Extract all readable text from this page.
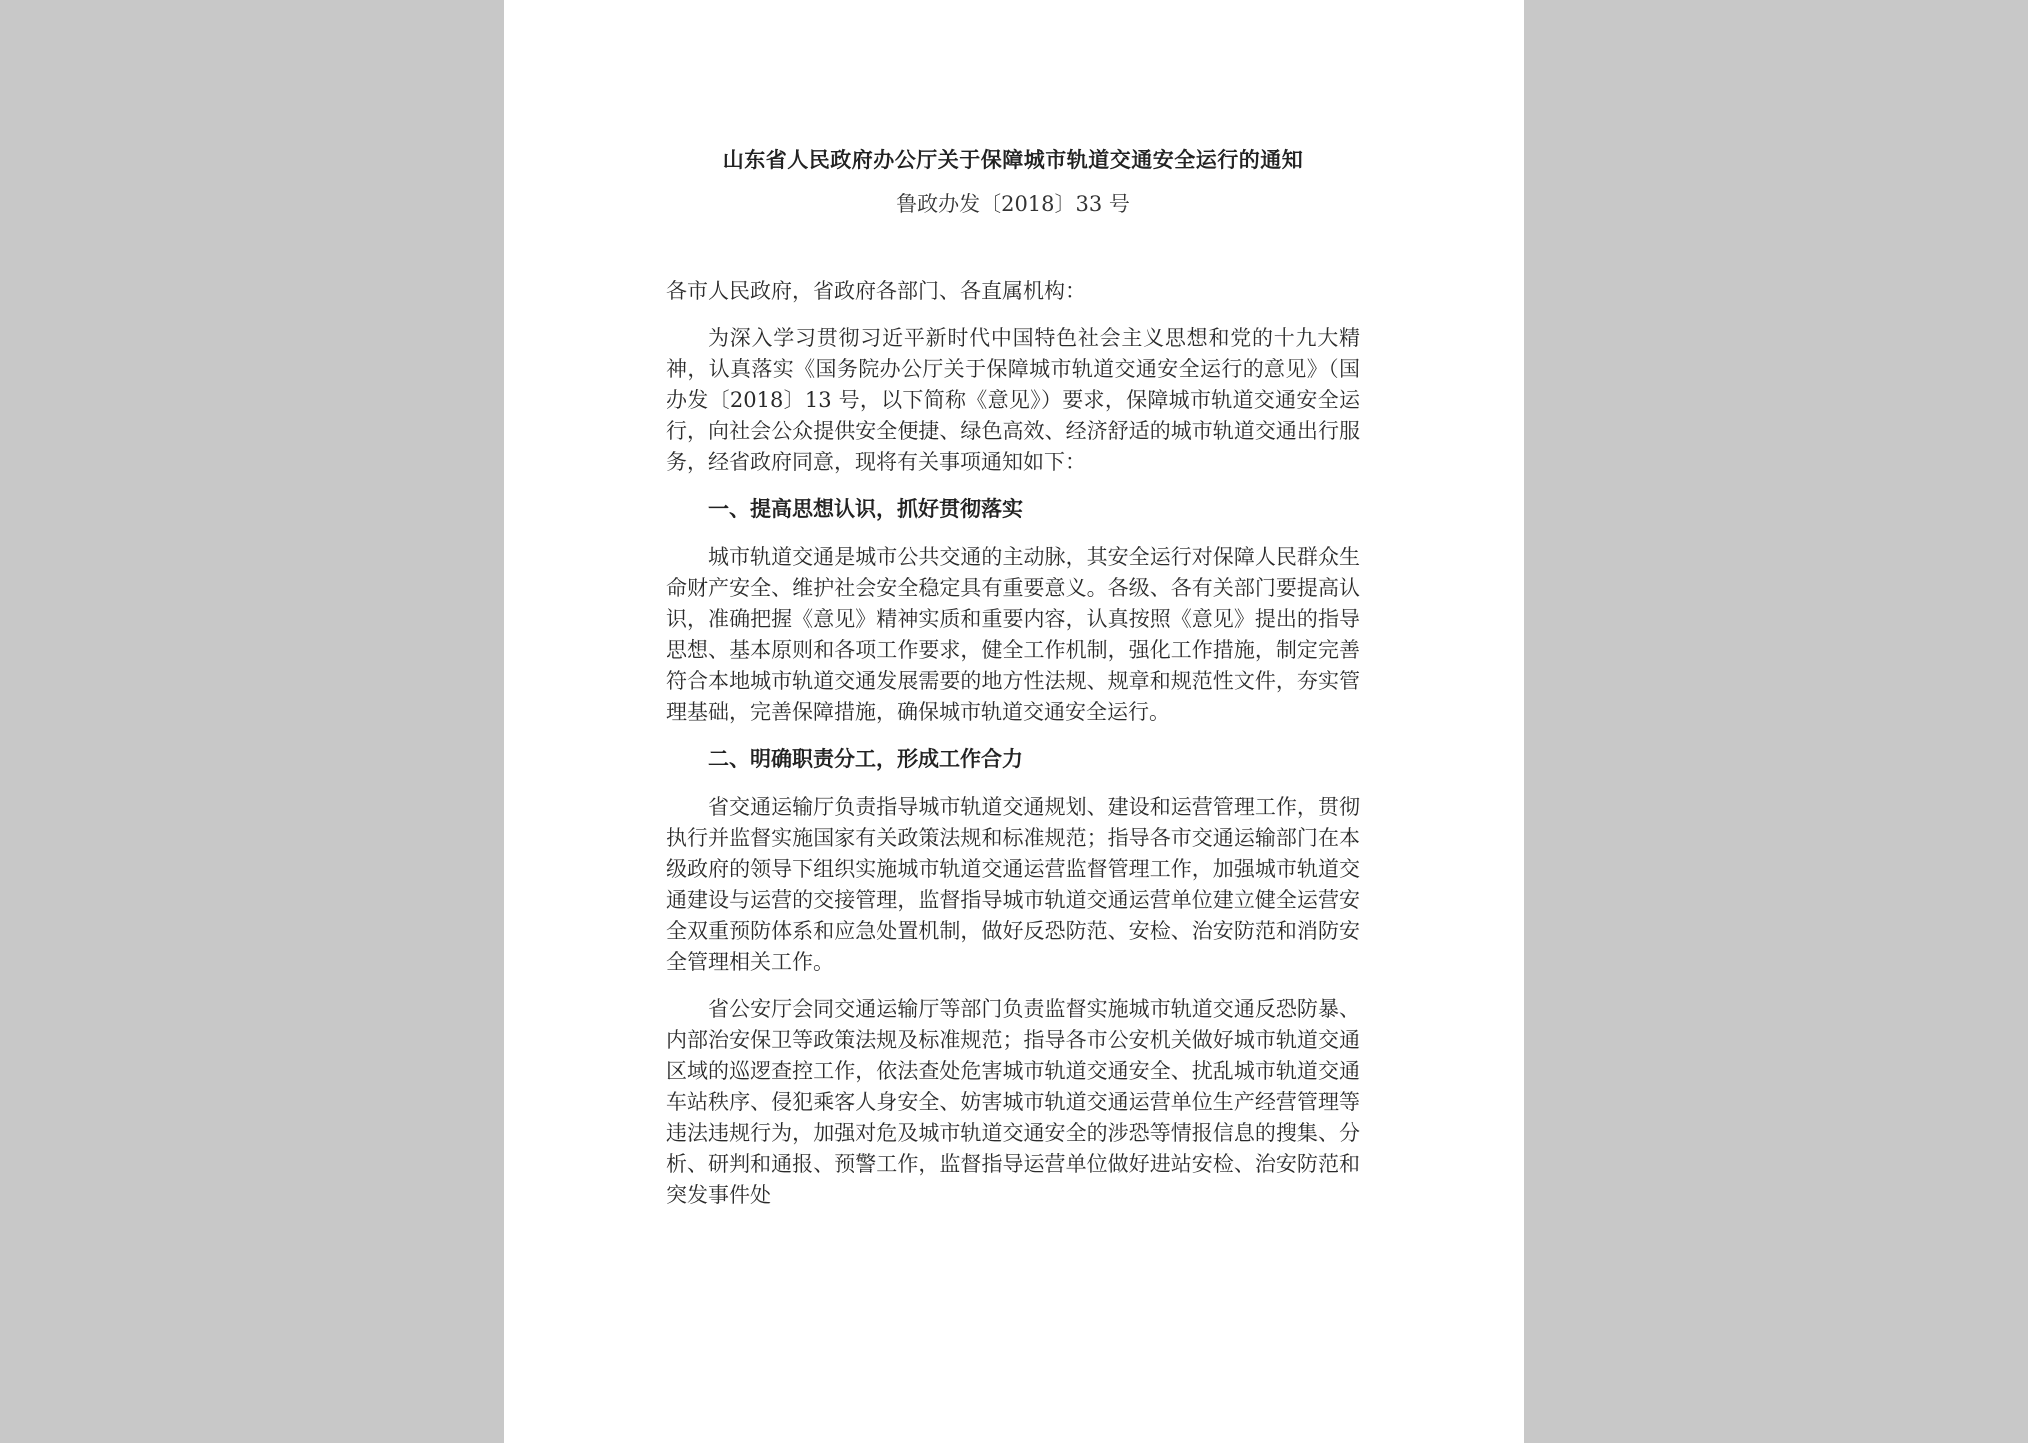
山东省人民政府办公厅关于保障城市轨道交通安全运行的通知

鲁政办发〔2018〕33 号

各市人民政府，省政府各部门、各直属机构：

为深入学习贯彻习近平新时代中国特色社会主义思想和党的十九大精神，认真落实《国务院办公厅关于保障城市轨道交通安全运行的意见》（国办发〔2018〕13 号，以下简称《意见》）要求，保障城市轨道交通安全运行，向社会公众提供安全便捷、绿色高效、经济舒适的城市轨道交通出行服务，经省政府同意，现将有关事项通知如下：

一、提高思想认识，抓好贯彻落实

城市轨道交通是城市公共交通的主动脉，其安全运行对保障人民群众生命财产安全、维护社会安全稳定具有重要意义。各级、各有关部门要提高认识，准确把握《意见》精神实质和重要内容，认真按照《意见》提出的指导思想、基本原则和各项工作要求，健全工作机制，强化工作措施，制定完善符合本地城市轨道交通发展需要的地方性法规、规章和规范性文件，夯实管理基础，完善保障措施，确保城市轨道交通安全运行。

二、明确职责分工，形成工作合力

省交通运输厅负责指导城市轨道交通规划、建设和运营管理工作，贯彻执行并监督实施国家有关政策法规和标准规范；指导各市交通运输部门在本级政府的领导下组织实施城市轨道交通运营监督管理工作，加强城市轨道交通建设与运营的交接管理，监督指导城市轨道交通运营单位建立健全运营安全双重预防体系和应急处置机制，做好反恐防范、安检、治安防范和消防安全管理相关工作。

省公安厅会同交通运输厅等部门负责监督实施城市轨道交通反恐防暴、内部治安保卫等政策法规及标准规范；指导各市公安机关做好城市轨道交通区域的巡逻查控工作，依法查处危害城市轨道交通安全、扰乱城市轨道交通车站秩序、侵犯乘客人身安全、妨害城市轨道交通运营单位生产经营管理等违法违规行为，加强对危及城市轨道交通安全的涉恐等情报信息的搜集、分析、研判和通报、预警工作，监督指导运营单位做好进站安检、治安防范和突发事件处
